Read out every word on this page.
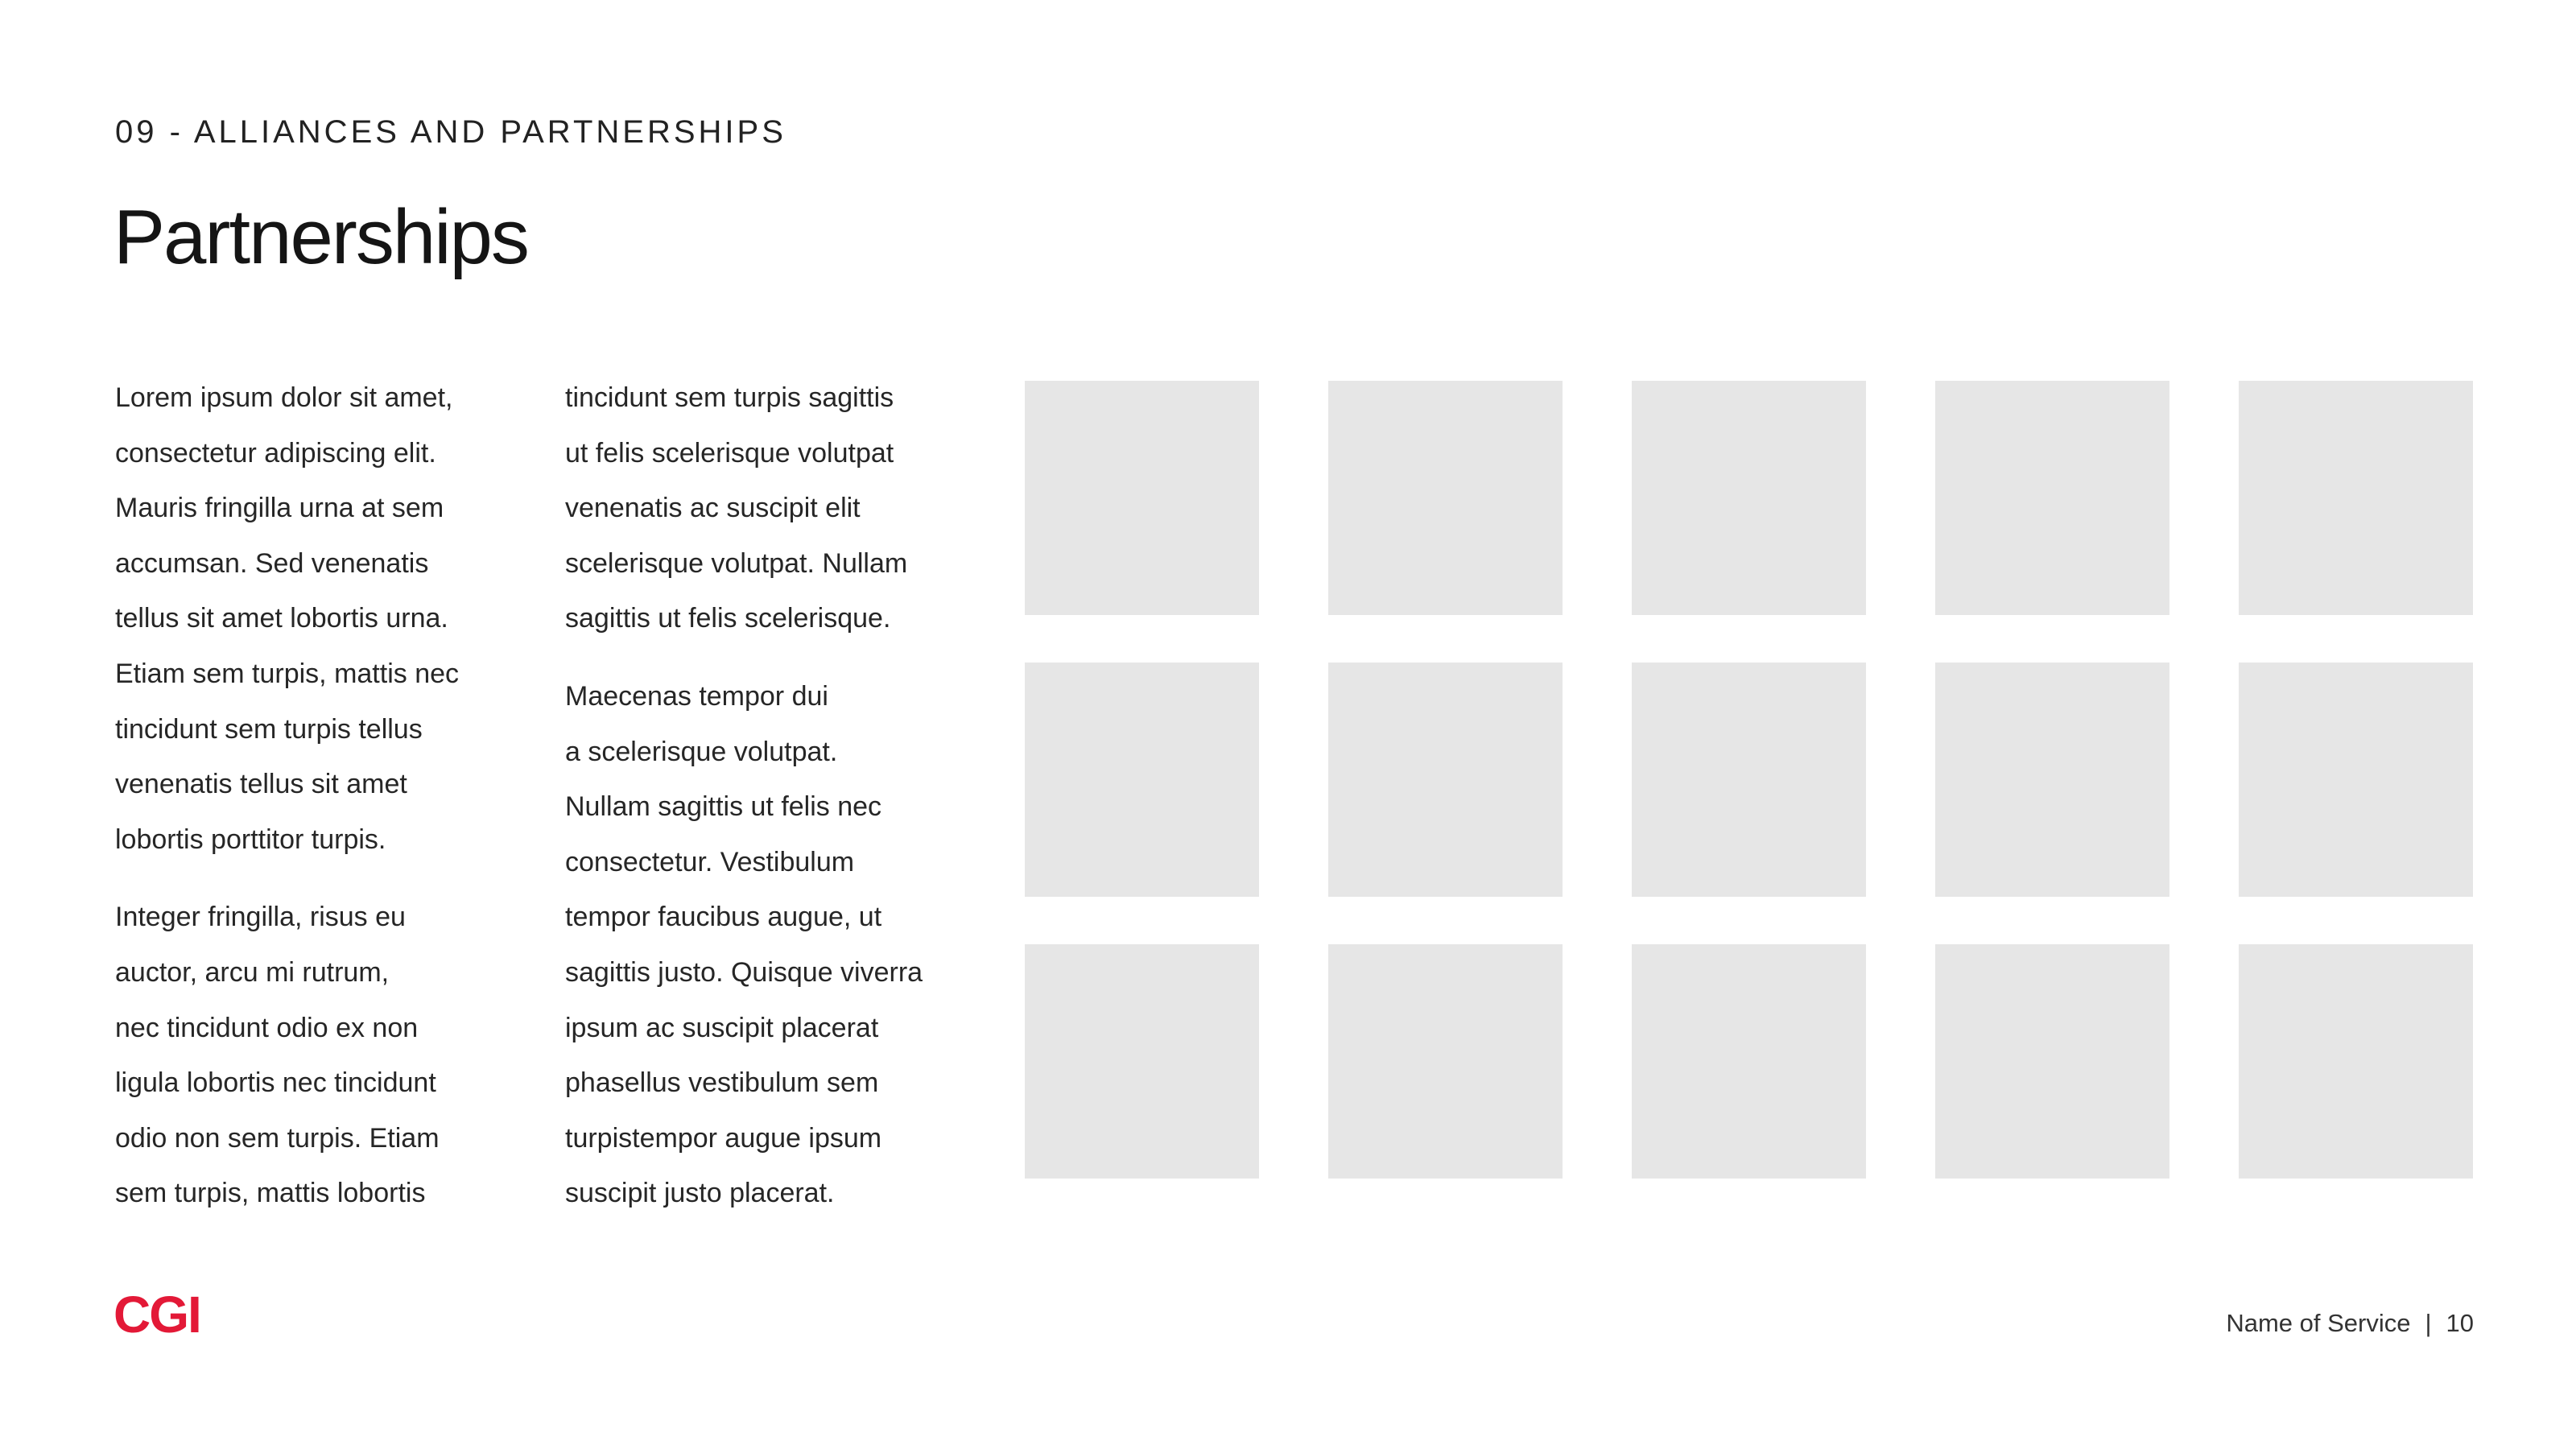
09 - ALLIANCES AND PARTNERSHIPS
Partnerships
Lorem ipsum dolor sit amet,
consectetur adipiscing elit.
Mauris fringilla urna at sem
accumsan. Sed venenatis
tellus sit amet lobortis urna.
Etiam sem turpis, mattis nec
tincidunt sem turpis tellus
venenatis tellus sit amet
lobortis porttitor turpis.
Integer fringilla, risus eu
auctor, arcu mi rutrum,
nec tincidunt odio ex non
ligula lobortis nec tincidunt
odio non sem turpis. Etiam
sem turpis, mattis lobortis
tincidunt sem turpis sagittis
ut felis scelerisque volutpat
venenatis ac suscipit elit
scelerisque volutpat. Nullam
sagittis ut felis scelerisque.
Maecenas tempor dui
a scelerisque volutpat.
Nullam sagittis ut felis nec
consectetur. Vestibulum
tempor faucibus augue, ut
sagittis justo. Quisque viverra
ipsum ac suscipit placerat
phasellus vestibulum sem
turpistempor augue ipsum
suscipit justo placerat.
CGI	Name of Service | 10
